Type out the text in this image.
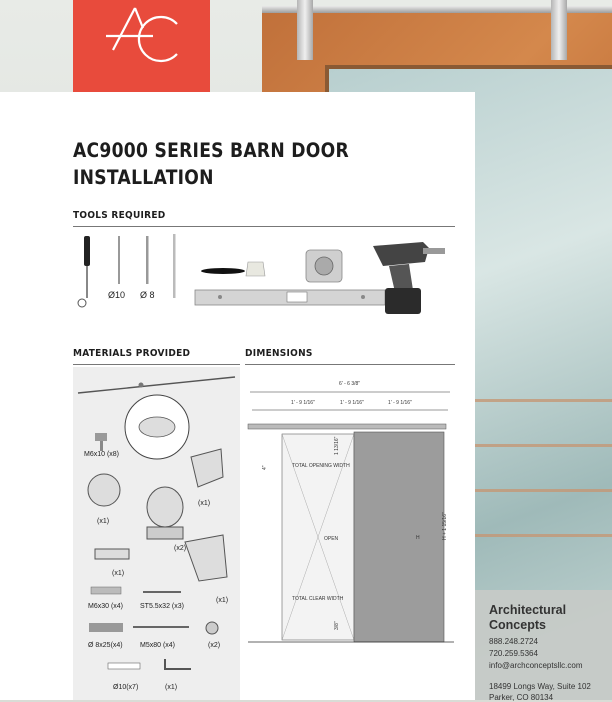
AC9000 SERIES BARN DOOR
INSTALLATION
TOOLS REQUIRED
Ø10 Ø 8
MATERIALS PROVIDED
M6x10 (x8)
(x1)
(x1)
(x2)
(x1)
(x1)
M6x30 (x4) ST5.5x32 (x3)
Ø 8x25(x4) M5x80 (x4)	(x2)
Ø10(x7)	(x1)
DIMENSIONS
6' - 6 3/8"
1' - 9 1/16"	1' - 9 1/16"	1' - 9 1/16"
TOTAL OPENING WIDTH
TOTAL CLEAR WIDTH
OPEN	H + 1 15/16"
1 13/16"
4"
3/8"
H
Architectural Concepts
888.248.2724
720.259.5364
info@archconceptsllc.com
18499 Longs Way, Suite 102
Parker, CO 80134
